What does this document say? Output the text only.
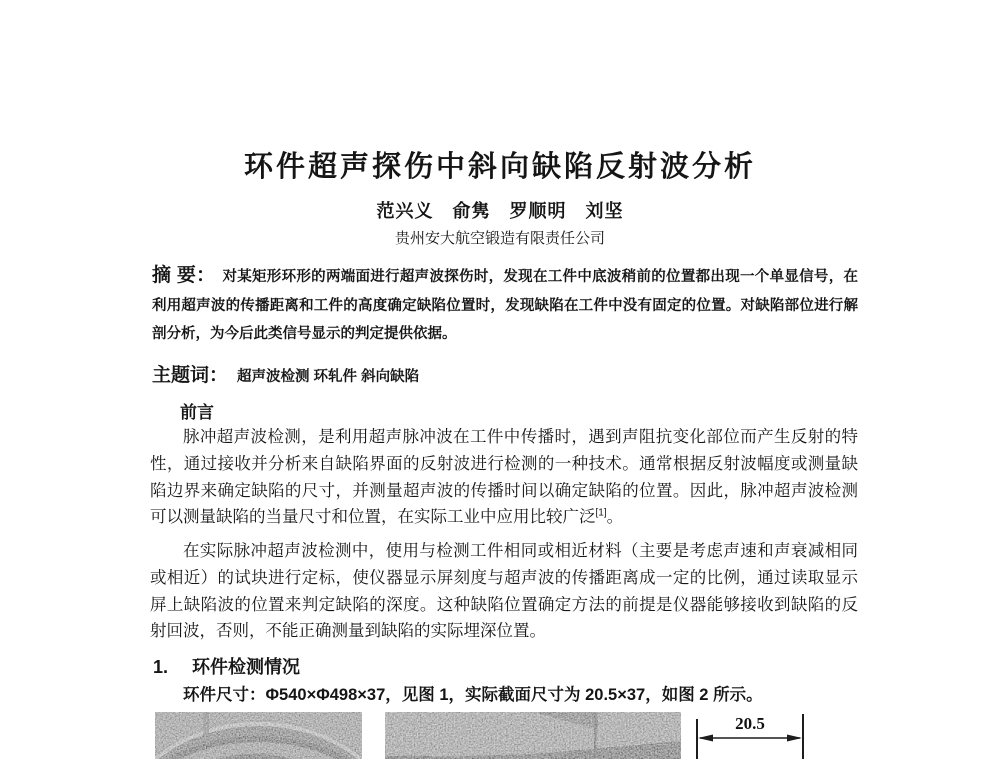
环件超声探伤中斜向缺陷反射波分析
范兴义　俞隽　罗顺明　刘坚
贵州安大航空锻造有限责任公司

摘 要： 对某矩形环形的两端面进行超声波探伤时，发现在工件中底波稍前的位置都出现一个单显信号，在利用超声波的传播距离和工件的高度确定缺陷位置时，发现缺陷在工件中没有固定的位置。对缺陷部位进行解剖分析，为今后此类信号显示的判定提供依据。

主题词： 超声波检测 环轧件 斜向缺陷
前言

脉冲超声波检测，是利用超声脉冲波在工件中传播时，遇到声阻抗变化部位而产生反射的特性，通过接收并分析来自缺陷界面的反射波进行检测的一种技术。通常根据反射波幅度或测量缺陷边界来确定缺陷的尺寸，并测量超声波的传播时间以确定缺陷的位置。因此，脉冲超声波检测可以测量缺陷的当量尺寸和位置，在实际工业中应用比较广泛[1]。

在实际脉冲超声波检测中，使用与检测工件相同或相近材料（主要是考虑声速和声衰减相同或相近）的试块进行定标，使仪器显示屏刻度与超声波的传播距离成一定的比例，通过读取显示屏上缺陷波的位置来判定缺陷的深度。这种缺陷位置确定方法的前提是仪器能够接收到缺陷的反射回波，否则，不能正确测量到缺陷的实际埋深位置。

1. 环件检测情况

环件尺寸：Φ540×Φ498×37，见图 1，实际截面尺寸为 20.5×37，如图 2 所示。

20.5
